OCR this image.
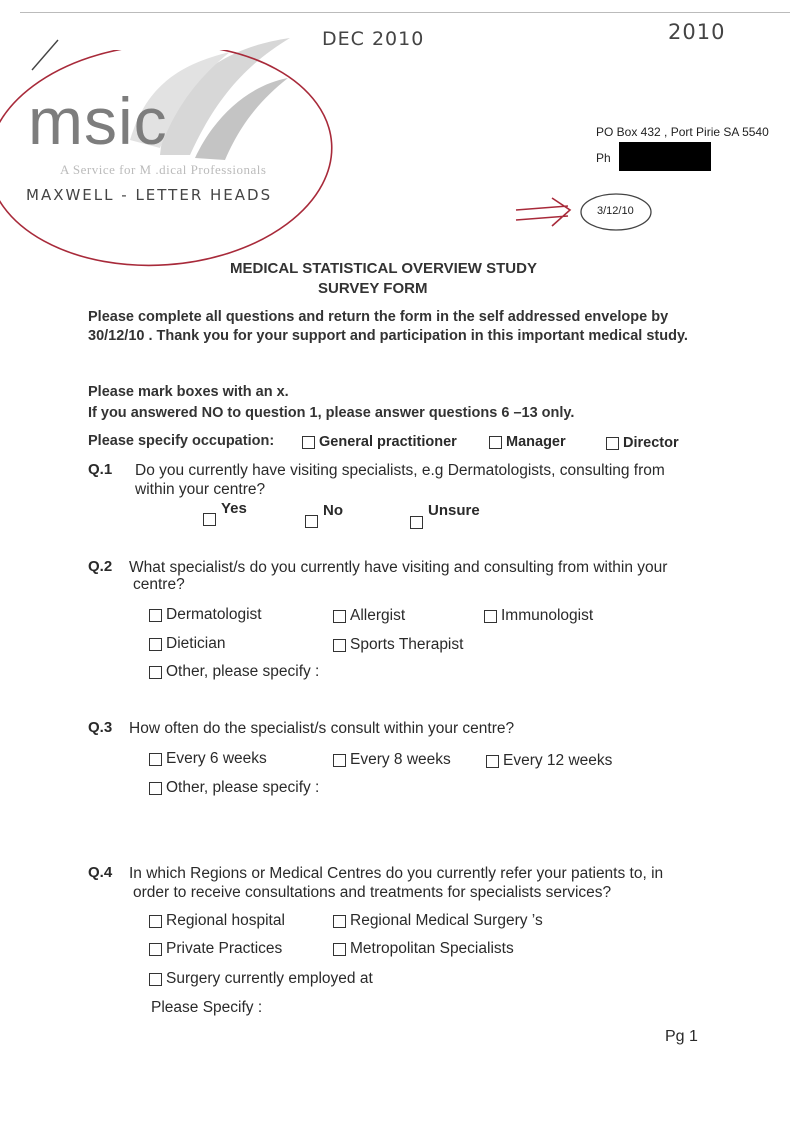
DEC 2010	2010
msic
A Service for M .dical Professionals
MAXWELL - LETTER HEADS
PO Box 432 , Port Pirie SA 5540
Ph
3/12/10
MEDICAL STATISTICAL OVERVIEW STUDY
SURVEY FORM
Please complete all questions and return the form in the self addressed envelope by
30/12/10 . Thank you for your support and participation in this important medical study.
Please mark boxes with an x.
If you answered NO to question 1, please answer questions 6 –13 only.
Please specify occupation:	General practitioner	Manager	Director
Q.1 Do you currently have visiting specialists, e.g Dermatologists, consulting from
within your centre?
Yes	No	Unsure
Q.2 What specialist/s do you currently have visiting and consulting from within your
centre?
Dermatologist	Allergist	Immunologist
Dietician	Sports Therapist
Other, please specify :
Q.3 How often do the specialist/s consult within your centre?
Every 6 weeks	Every 8 weeks	Every 12 weeks
Other, please specify :
Q.4 In which Regions or Medical Centres do you currently refer your patients to, in
order to receive consultations and treatments for specialists services?
Regional hospital	Regional Medical Surgery ’s
Private Practices	Metropolitan Specialists
Surgery currently employed at
Please Specify :
Pg 1
